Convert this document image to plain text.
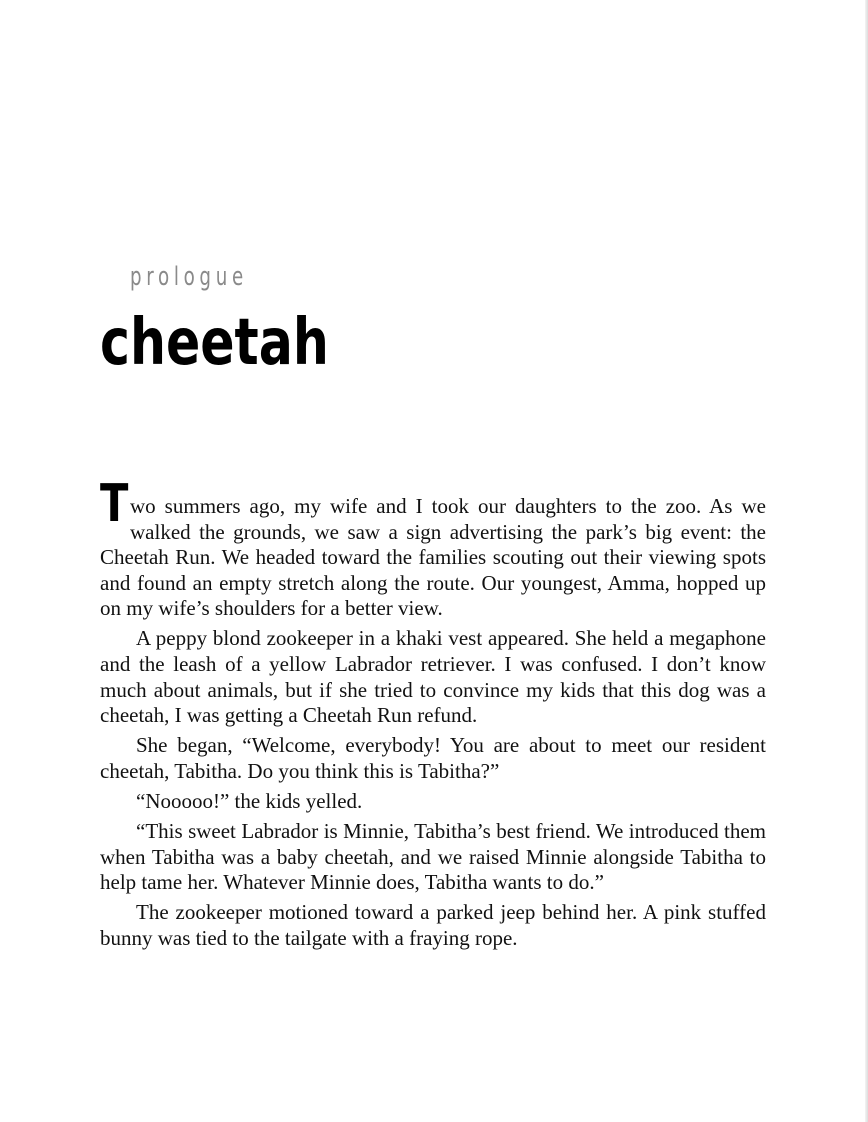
prologue
cheetah

Two summers ago, my wife and I took our daughters to the zoo. As we walked the grounds, we saw a sign advertising the park’s big event: the Cheetah Run. We headed toward the families scouting out their viewing spots and found an empty stretch along the route. Our youngest, Amma, hopped up on my wife’s shoulders for a better view.

A peppy blond zookeeper in a khaki vest appeared. She held a megaphone and the leash of a yellow Labrador retriever. I was confused. I don’t know much about animals, but if she tried to convince my kids that this dog was a cheetah, I was getting a Cheetah Run refund.

She began, “Welcome, everybody! You are about to meet our resident cheetah, Tabitha. Do you think this is Tabitha?”

“Nooooo!” the kids yelled.

“This sweet Labrador is Minnie, Tabitha’s best friend. We introduced them when Tabitha was a baby cheetah, and we raised Minnie alongside Tabitha to help tame her. Whatever Minnie does, Tabitha wants to do.”

The zookeeper motioned toward a parked jeep behind her. A pink stuffed bunny was tied to the tailgate with a fraying rope.
